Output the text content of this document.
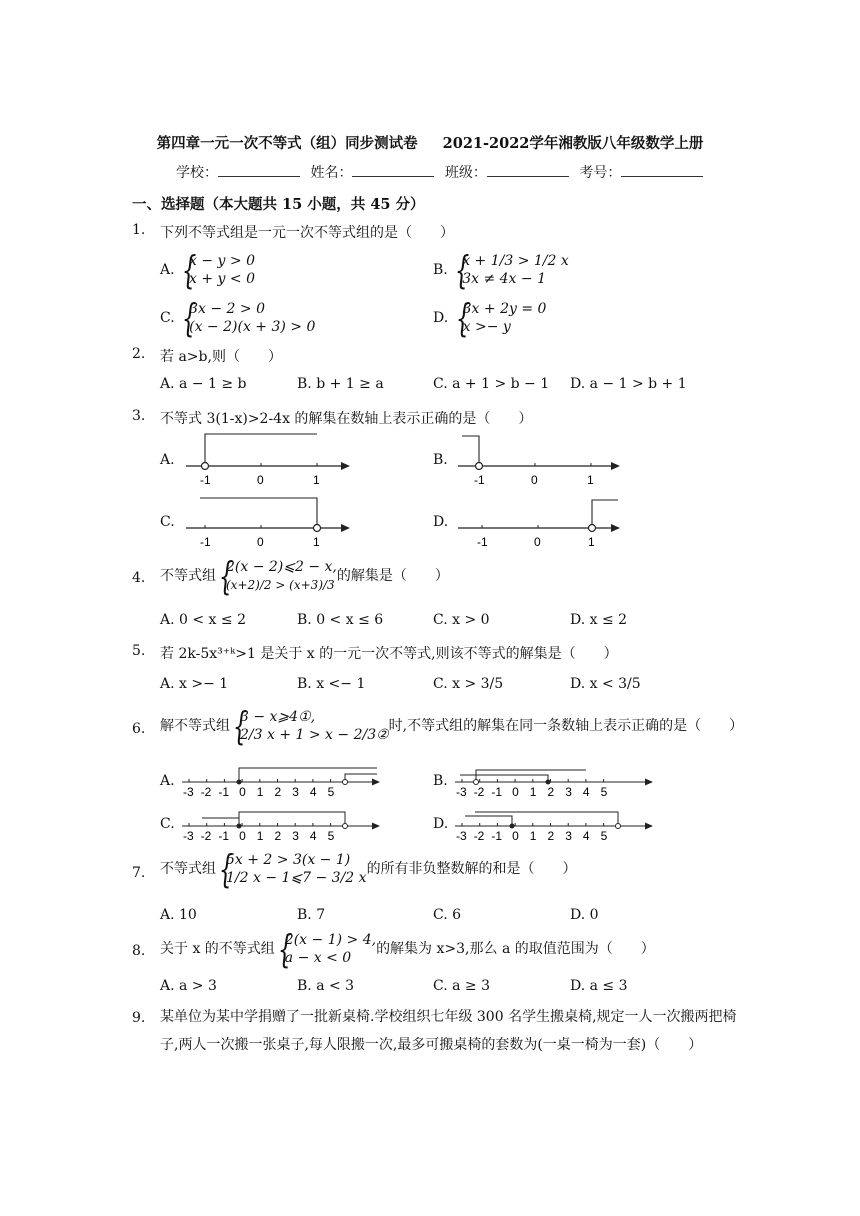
第四章一元一次不等式（组）同步测试卷 2021-2022学年湘教版八年级数学上册
学校：	姓名：	班级：	考号：
一、选择题（本大题共 15 小题，共 45 分）
1. 下列不等式组是一元一次不等式组的是（　　）
A. { x − y > 0
x + y < 0
B. { x + 1/3 > 1/2 x
3x ≠ 4x − 1
C. { 3x − 2 > 0
(x − 2)(x + 3) > 0
D. { 3x + 2y = 0
x >− y
2. 若 a>b,则（　　）
A. a − 1 ≥ b	B. b + 1 ≥ a	C. a + 1 > b − 1 D. a − 1 > b + 1
3. 不等式 3(1-x)>2-4x 的解集在数轴上表示正确的是（　　）
A.	B.
C.	D.
-1	0	1	-1	0	1
-1	0	1	-1	0	1
4. 不等式组{ 2(x − 2)⩽2 − x,
(x+2)/2 > (x+3)/3的解集是（　　）
A. 0 < x ≤ 2	B. 0 < x ≤ 6	C. x > 0	D. x ≤ 2
5. 若 2k-5x³⁺ᵏ>1 是关于 x 的一元一次不等式,则该不等式的解集是（　　）
A. x >− 1	B. x <− 1	C. x > 3/5	D. x < 3/5
6. 解不等式组{ 3 − x⩾4①,
2/3 x + 1 > x − 2/3②时,不等式组的解集在同一条数轴上表示正确的是（　　）
A.	B.
C.	D.
-3 -2 -1 0 1 2 3 4 5	-3 -2 -1 0 1 2 3 4 5
-3 -2 -1 0 1 2 3 4 5	-3 -2 -1 0 1 2 3 4 5
7. 不等式组{ 5x + 2 > 3(x − 1)
1/2 x − 1⩽7 − 3/2 x的所有非负整数解的和是（　　）
A. 10	B. 7	C. 6	D. 0
8. 关于 x 的不等式组{ 2(x − 1) > 4,
a − x < 0的解集为 x>3,那么 a 的取值范围为（　　）
A. a > 3	B. a < 3	C. a ≥ 3	D. a ≤ 3
9. 某单位为某中学捐赠了一批新桌椅.学校组织七年级 300 名学生搬桌椅,规定一人一次搬两把椅子,两人一次搬一张桌子,每人限搬一次,最多可搬桌椅的套数为(一桌一椅为一套)（　　）
